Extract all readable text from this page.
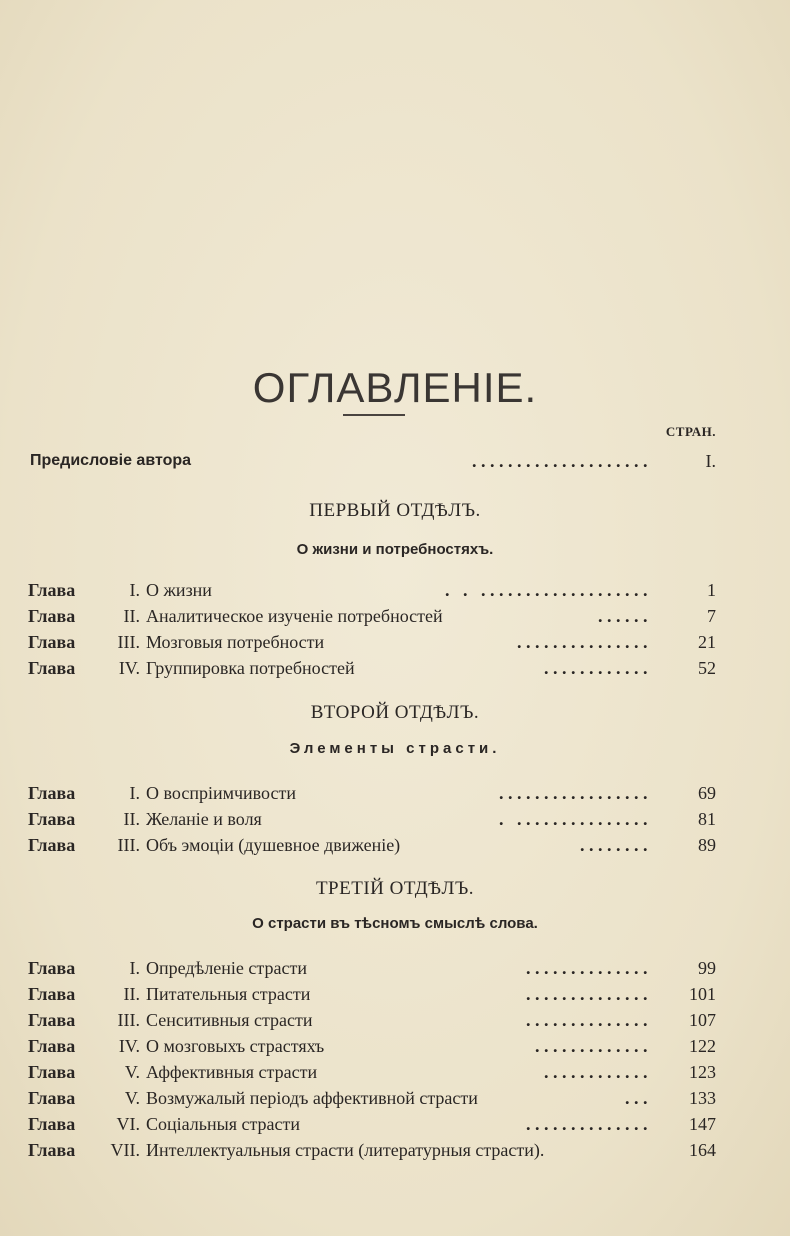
ОГЛАВЛЕНIЕ.
СТРАН.
Предисловiе автора	....................	I.
ПЕРВЫЙ ОТДѢЛЪ.
О жизни и потребностяхъ.
Глава	I. О жизни	. . ...................	1
Глава	II. Аналитическое изученiе потребностей	......	7
Глава	III. Мозговыя потребности	...............	21
Глава	IV. Группировка потребностей	............	52
ВТОРОЙ ОТДѢЛЪ.
Элементы страсти.
Глава	I. О воспрiимчивости	.................	69
Глава	II. Желанiе и воля	. ...............	81
Глава	III. Объ эмоцiи (душевное движенiе)	........	89
ТРЕТIЙ ОТДѢЛЪ.
О страсти въ тѣсномъ смыслѣ слова.
Глава	I. Опредѣленiе страсти	..............	99
Глава	II. Питательныя страсти	.............. 101
Глава	III. Сенситивныя страсти	.............. 107
Глава	IV. О мозговыхъ страстяхъ	............. 122
Глава	V. Аффективныя страсти	............ 123
Глава	V. Возмужалый перiодъ аффективной страсти	... 133
Глава	VI. Соцiальныя страсти	.............. 147
Глава	VII. Интеллектуальныя страсти (литературныя страсти).	164
